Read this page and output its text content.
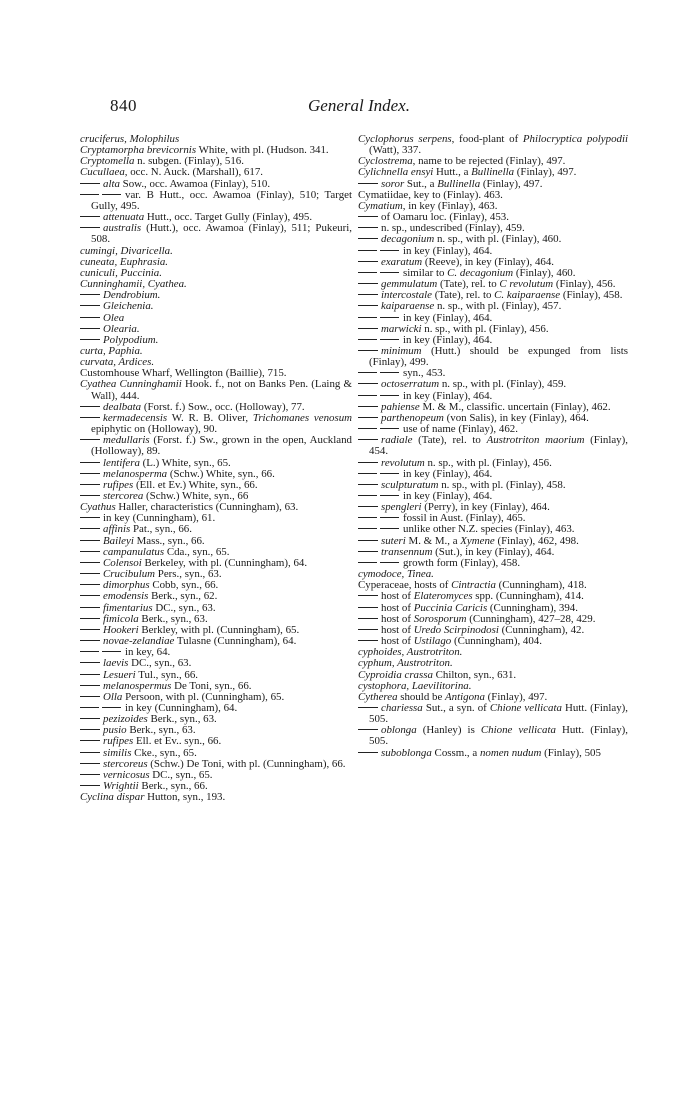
840	General Index.
cruciferus, Molophilus
Cryptamorpha brevicornis White, with pl. (Hudson. 341.
Cryptomella n. subgen. (Finlay), 516.
Cucullaea, occ. N. Auck. (Marshall), 617.
alta Sow., occ. Awamoa (Finlay), 510.
var. B Hutt., occ. Awamoa (Finlay), 510; Target Gully, 495.
attenuata Hutt., occ. Target Gully (Finlay), 495.
australis (Hutt.), occ. Awamoa (Finlay), 511; Pukeuri, 508.
cumingi, Divaricella.
cuneata, Euphrasia.
cuniculi, Puccinia.
Cunninghamii, Cyathea.
Dendrobium.
Gleichenia.
Olea
Olearia.
Polypodium.
curta, Paphia.
curvata, Ardices.
Customhouse Wharf, Wellington (Baillie), 715.
Cyathea Cunninghamii Hook. f., not on Banks Pen. (Laing & Wall), 444.
dealbata (Forst. f.) Sow., occ. (Holloway), 77.
kermadecensis W. R. B. Oliver, Trichomanes venosum epiphytic on (Holloway), 90.
medullaris (Forst. f.) Sw., grown in the open, Auckland (Holloway), 89.
lentifera (L.) White, syn., 65.
melanosperma (Schw.) White, syn., 66.
rufipes (Ell. et Ev.) White, syn., 66.
stercorea (Schw.) White, syn., 66
Cyathus Haller, characteristics (Cunningham), 63.
in key (Cunningham), 61.
affinis Pat., syn., 66.
Baileyi Mass., syn., 66.
campanulatus Cda., syn., 65.
Colensoi Berkeley, with pl. (Cunningham), 64.
Crucibulum Pers., syn., 63.
dimorphus Cobb, syn., 66.
emodensis Berk., syn., 62.
fimentarius DC., syn., 63.
fimicola Berk., syn., 63.
Hookeri Berkley, with pl. (Cunningham), 65.
novae-zelandiae Tulasne (Cunningham), 64.
in key, 64.
laevis DC., syn., 63.
Lesueri Tul., syn., 66.
melanospermus De Toni, syn., 66.
Olla Persoon, with pl. (Cunningham), 65.
in key (Cunningham), 64.
pezizoides Berk., syn., 63.
pusio Berk., syn., 63.
rufipes Ell. et Ev.. syn., 66.
similis Cke., syn., 65.
stercoreus (Schw.) De Toni, with pl. (Cunningham), 66.
vernicosus DC., syn., 65.
Wrightii Berk., syn., 66.
Cyclina dispar Hutton, syn., 193.
Cyclophorus serpens, food-plant of Philocryptica polypodii (Watt), 337.
Cyclostrema, name to be rejected (Finlay), 497.
Cylichnella ensyi Hutt., a Bullinella (Finlay), 497.
soror Sut., a Bullinella (Finlay), 497.
Cymatiidae, key to (Finlay). 463.
Cymatium, in key (Finlay), 463.
of Oamaru loc. (Finlay), 453.
n. sp., undescribed (Finlay), 459.
decagonium n. sp., with pl. (Finlay), 460.
in key (Finlay), 464.
exaratum (Reeve), in key (Finlay), 464.
similar to C. decagonium (Finlay), 460.
gemmulatum (Tate), rel. to C revolutum (Finlay), 456.
intercostale (Tate), rel. to C. kaiparaense (Finlay), 458.
kaiparaense n. sp., with pl. (Finlay), 457.
in key (Finlay), 464.
marwicki n. sp., with pl. (Finlay), 456.
in key (Finlay), 464.
minimum (Hutt.) should be expunged from lists (Finlay), 499.
syn., 453.
octoserratum n. sp., with pl. (Finlay), 459.
in key (Finlay), 464.
pahiense M. & M., classific. uncertain (Finlay), 462.
parthenopeum (von Salis), in key (Finlay), 464.
use of name (Finlay), 462.
radiale (Tate), rel. to Austrotriton maorium (Finlay), 454.
revolutum n. sp., with pl. (Finlay), 456.
in key (Finlay), 464.
sculpturatum n. sp., with pl. (Finlay), 458.
in key (Finlay), 464.
spengleri (Perry), in key (Finlay), 464.
fossil in Aust. (Finlay), 465.
unlike other N.Z. species (Finlay), 463.
suteri M. & M., a Xymene (Finlay), 462, 498.
transennum (Sut.), in key (Finlay), 464.
growth form (Finlay), 458.
cymodoce, Tinea.
Cyperaceae, hosts of Cintractia (Cunningham), 418.
host of Elateromyces spp. (Cunningham), 414.
host of Puccinia Caricis (Cunningham), 394.
host of Sorosporum (Cunningham), 427–28, 429.
host of Uredo Scirpinodosi (Cunningham), 42.
host of Ustilago (Cunningham), 404.
cyphoides, Austrotriton.
cyphum, Austrotriton.
Cyproidia crassa Chilton, syn., 631.
cystophora, Laevilitorina.
Cytherea should be Antigona (Finlay), 497.
chariessa Sut., a syn. of Chione vellicata Hutt. (Finlay), 505.
oblonga (Hanley) is Chione vellicata Hutt. (Finlay), 505.
suboblonga Cossm., a nomen nudum (Finlay), 505
